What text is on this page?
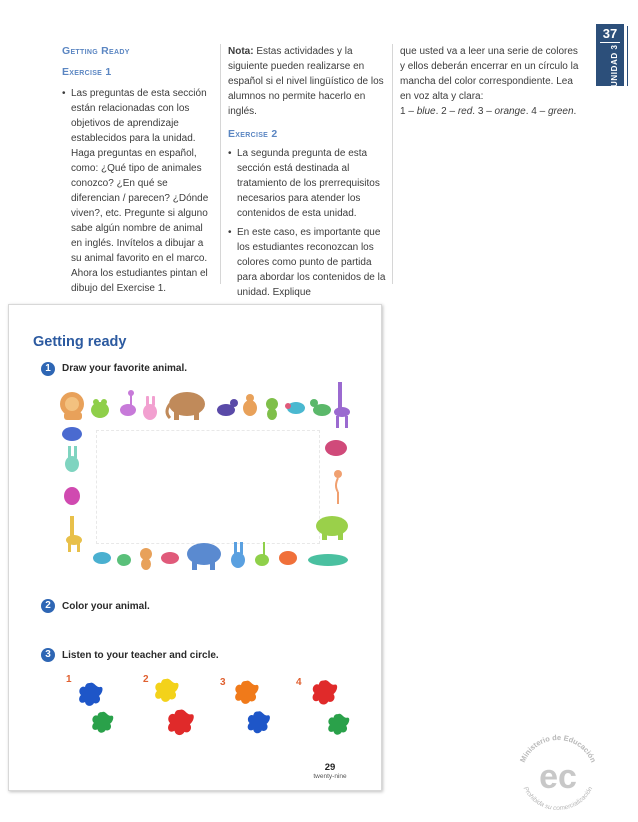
37
UNIDAD 3
Getting Ready
Exercise 1

• Las preguntas de esta sección están relacionadas con los objetivos de aprendizaje establecidos para la unidad. Haga preguntas en español, como: ¿Qué tipo de animales conozco? ¿En qué se diferencian / parecen? ¿Dónde viven?, etc. Pregunte si alguno sabe algún nombre de animal en inglés. Invítelos a dibujar a su animal favorito en el marco. Ahora los estudiantes pintan el dibujo del Exercise 1.

Nota: Estas actividades y la siguiente pueden realizarse en español si el nivel lingüístico de los alumnos no permite hacerlo en inglés.

Exercise 2

• La segunda pregunta de esta sección está destinada al tratamiento de los prerrequisitos necesarios para atender los contenidos de esta unidad.

• En este caso, es importante que los estudiantes reconozcan los colores como punto de partida para abordar los contenidos de la unidad. Explique

que usted va a leer una serie de colores y ellos deberán encerrar en un círculo la mancha del color correspondiente. Lea en voz alta y clara:

1 – blue. 2 – red. 3 – orange. 4 – green.

Getting ready
1	Draw your favorite animal.
2	Color your animal.
3	Listen to your teacher and circle.
1	2	3	4
29
twenty-nine
Ministerio de Educación
Prohibida su comercialización
ec
